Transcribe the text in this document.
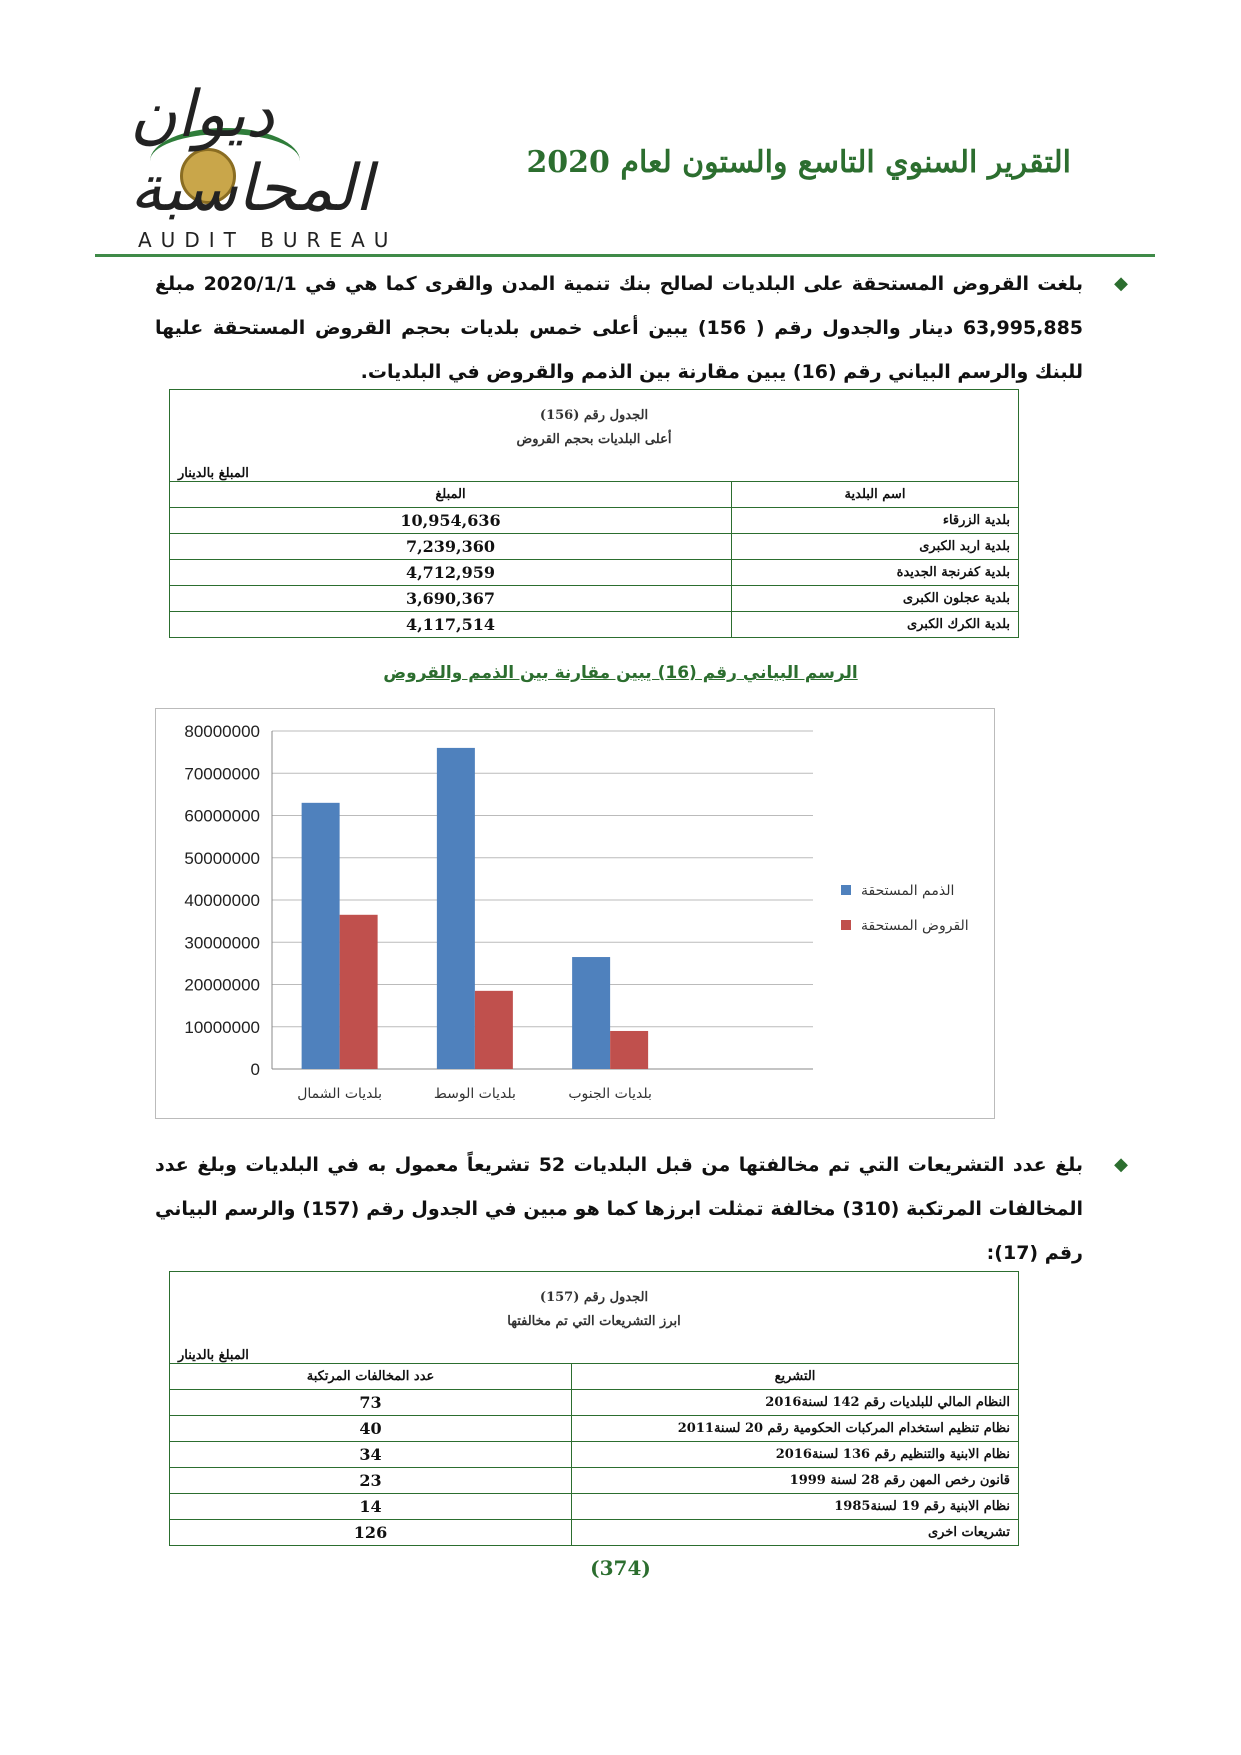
ديوان المحاسبة
AUDIT BUREAU
التقرير السنوي التاسع والستون لعام 2020
◆
بلغت القروض المستحقة على البلديات لصالح بنك تنمية المدن والقرى كما هي في 2020/1/1 مبلغ 63,995,885 دينار والجدول رقم ( 156) يبين أعلى خمس بلديات بحجم القروض المستحقة عليها للبنك والرسم البياني رقم (16) يبين مقارنة بين الذمم والقروض في البلديات.
الجدول رقم (156)
أعلى البلديات بحجم القروض	

المبلغ بالدينار	
اسم البلدية	المبلغ
بلدية الزرقاء	10,954,636
بلدية اربد الكبرى	7,239,360
بلدية كفرنجة الجديدة	4,712,959
بلدية عجلون الكبرى	3,690,367
بلدية الكرك الكبرى	4,117,514
الرسم البياني رقم (16) يبين مقارنة بين الذمم والقروض
0
10000000
20000000
30000000
40000000
50000000
60000000
70000000
80000000
بلديات الشمال	بلديات الوسط	بلديات الجنوب
الذمم المستحقة
القروض المستحقة
◆
بلغ عدد التشريعات التي تم مخالفتها من قبل البلديات 52 تشريعاً معمول به في البلديات وبلغ عدد المخالفات المرتكبة (310) مخالفة تمثلت ابرزها كما هو مبين في الجدول رقم (157) والرسم البياني رقم (17):
الجدول رقم (157)
ابرز التشريعات التي تم مخالفتها	

المبلغ بالدينار	
التشريع	عدد المخالفات المرتكبة
النظام المالي للبلديات رقم 142 لسنة2016	73
نظام تنظيم استخدام المركبات الحكومية رقم 20 لسنة2011	40
نظام الابنية والتنظيم رقم 136 لسنة2016	34
قانون رخص المهن رقم 28 لسنة 1999	23
نظام الابنية رقم 19 لسنة1985	14
تشريعات اخرى	126
(374)
